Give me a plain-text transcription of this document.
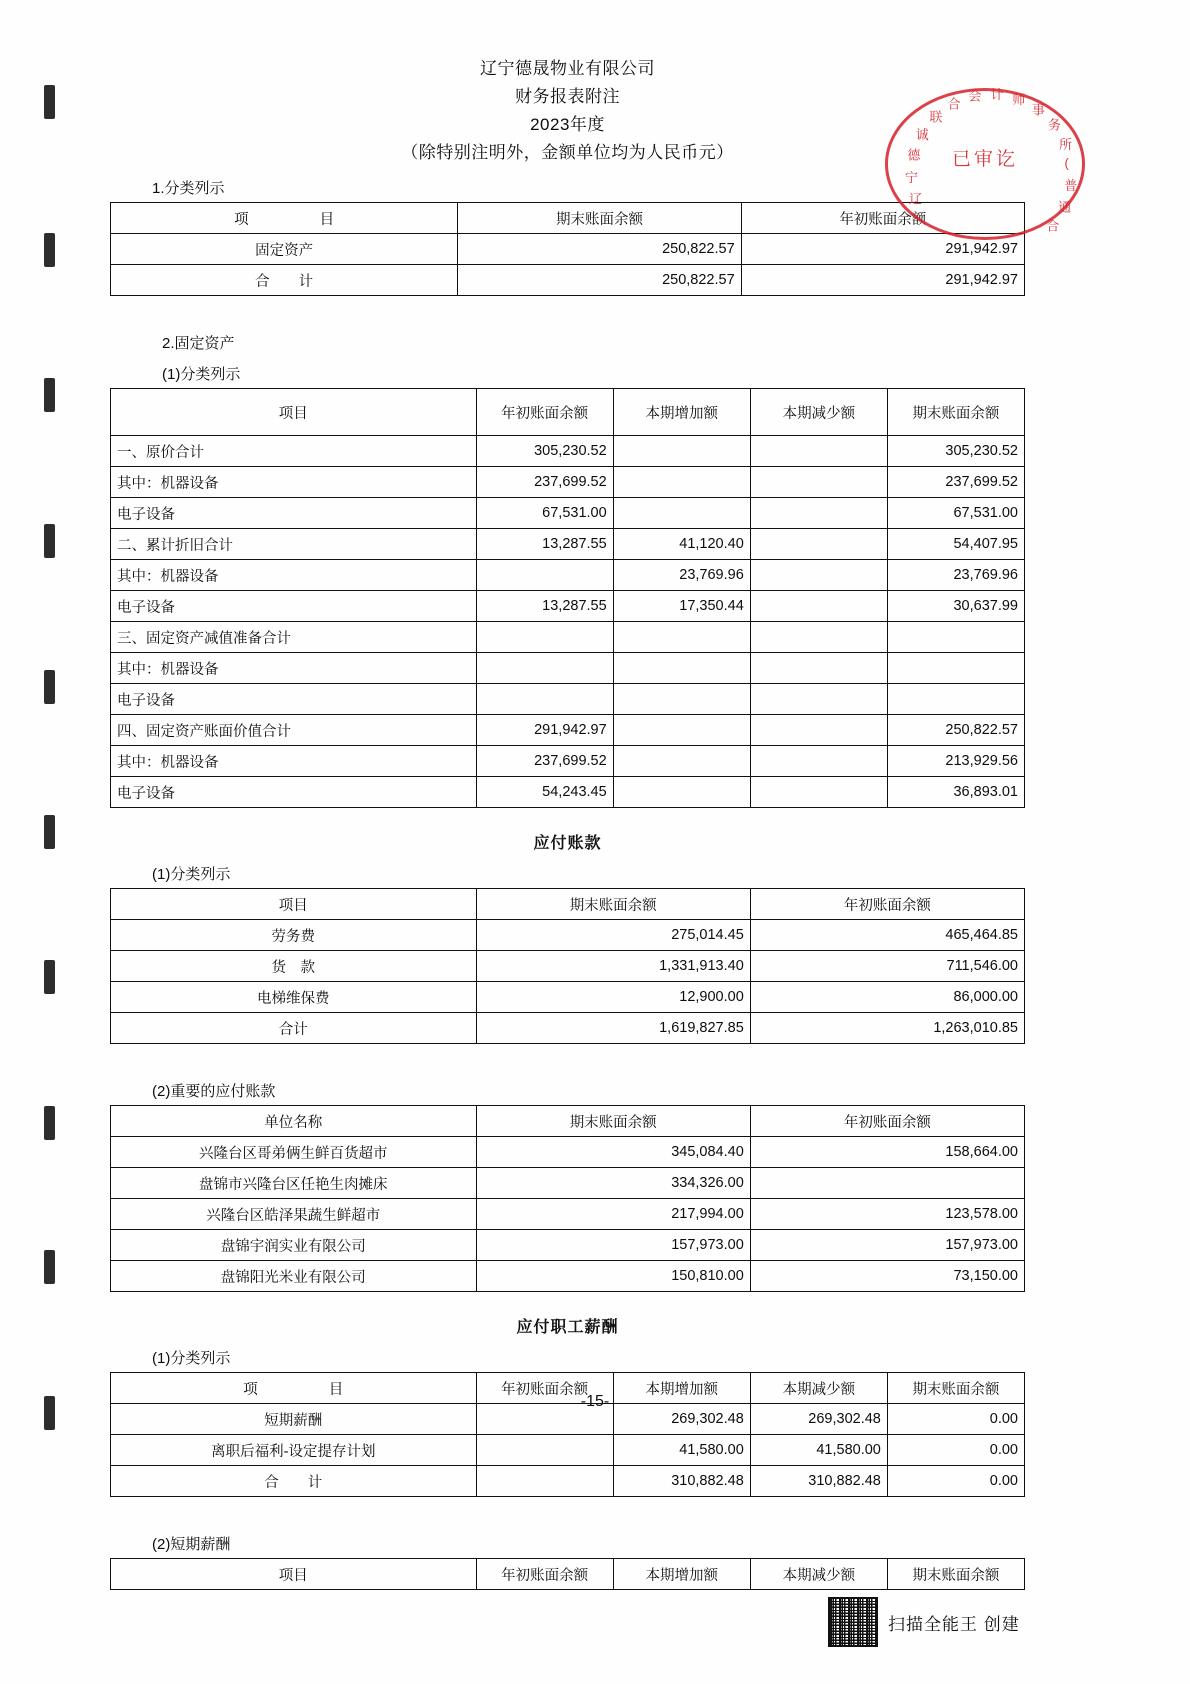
辽宁德晟物业有限公司
财务报表附注
2023年度
（除特别注明外，金额单位均为人民币元）
1.分类列示
项　　目	期末账面余额	年初账面余额
固定资产	250,822.57	291,942.97
合　　计	250,822.57	291,942.97
2.固定资产
(1)分类列示
项目	年初账面余额	本期增加额	本期减少额	期末账面余额
一、原价合计	305,230.52			305,230.52
其中：机器设备	237,699.52			237,699.52
电子设备	67,531.00			67,531.00
二、累计折旧合计	13,287.55	41,120.40		54,407.95
其中：机器设备		23,769.96		23,769.96
电子设备	13,287.55	17,350.44		30,637.99
三、固定资产减值准备合计				
其中：机器设备				
电子设备				
四、固定资产账面价值合计	291,942.97			250,822.57
其中：机器设备	237,699.52			213,929.56
电子设备	54,243.45			36,893.01
应付账款
(1)分类列示
项目	期末账面余额	年初账面余额
劳务费	275,014.45	465,464.85
货　款	1,331,913.40	711,546.00
电梯维保费	12,900.00	86,000.00
合计	1,619,827.85	1,263,010.85
(2)重要的应付账款
单位名称	期末账面余额	年初账面余额
兴隆台区哥弟俩生鲜百货超市	345,084.40	158,664.00
盘锦市兴隆台区任艳生肉摊床	334,326.00	
兴隆台区皓泽果蔬生鲜超市	217,994.00	123,578.00
盘锦宇润实业有限公司	157,973.00	157,973.00
盘锦阳光米业有限公司	150,810.00	73,150.00
应付职工薪酬
(1)分类列示
项　　目	年初账面余额	本期增加额	本期减少额	期末账面余额
短期薪酬		269,302.48	269,302.48	0.00
离职后福利-设定提存计划		41,580.00	41,580.00	0.00
合　　计		310,882.48	310,882.48	0.00
(2)短期薪酬
项目	年初账面余额	本期增加额	本期减少额	期末账面余额
辽
宁
德
诚
联
合
会 计 师
事
务
所
(
普
通
合
已审讫
-15-
扫描全能王 创建
